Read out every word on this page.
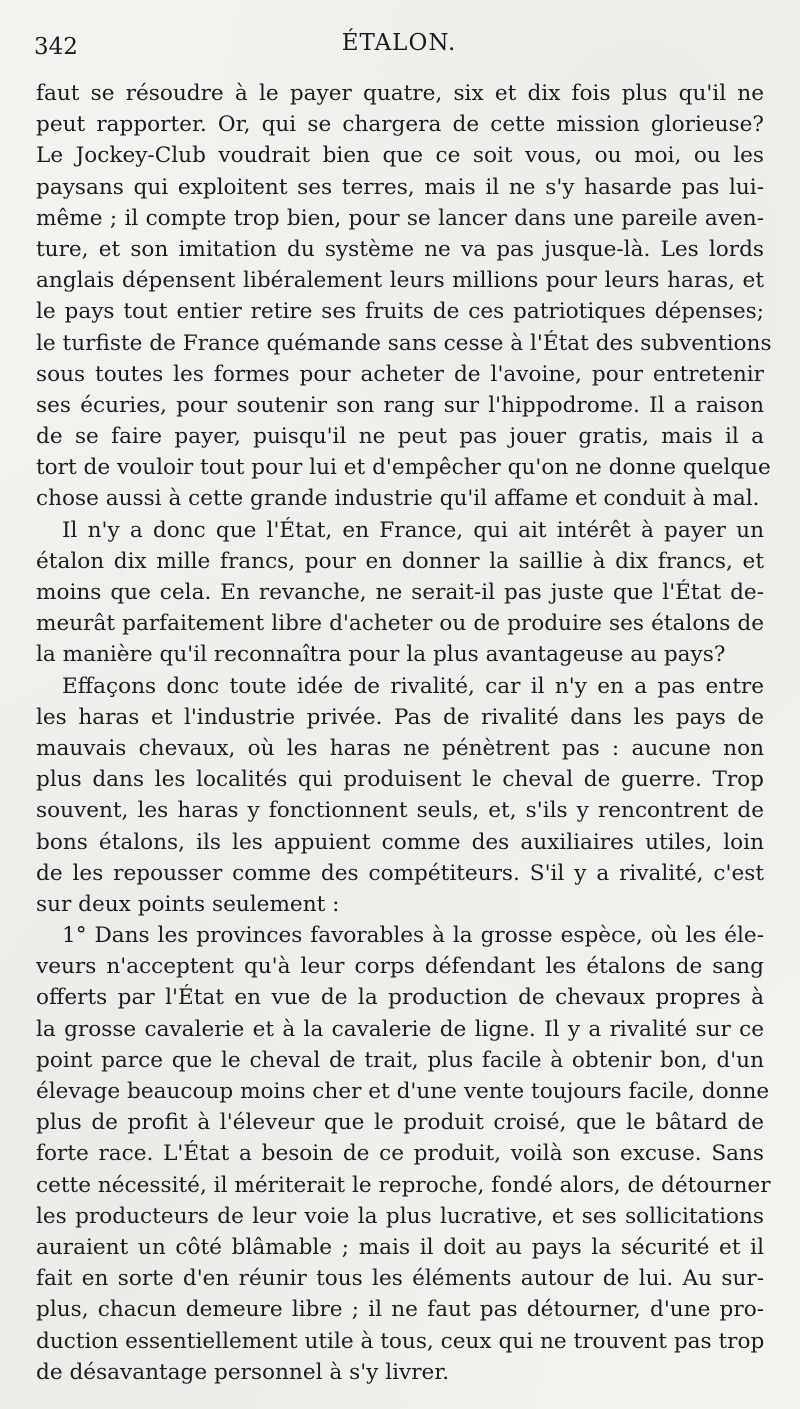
342	ÉTALON.
faut se résoudre à le payer quatre, six et dix fois plus qu'il ne
peut rapporter. Or, qui se chargera de cette mission glorieuse?
Le Jockey-Club voudrait bien que ce soit vous, ou moi, ou les
paysans qui exploitent ses terres, mais il ne s'y hasarde pas lui-
même ; il compte trop bien, pour se lancer dans une pareile aven-
ture, et son imitation du système ne va pas jusque-là. Les lords
anglais dépensent libéralement leurs millions pour leurs haras, et
le pays tout entier retire ses fruits de ces patriotiques dépenses;
le turfiste de France quémande sans cesse à l'État des subventions
sous toutes les formes pour acheter de l'avoine, pour entretenir
ses écuries, pour soutenir son rang sur l'hippodrome. Il a raison
de se faire payer, puisqu'il ne peut pas jouer gratis, mais il a
tort de vouloir tout pour lui et d'empêcher qu'on ne donne quelque
chose aussi à cette grande industrie qu'il affame et conduit à mal.
Il n'y a donc que l'État, en France, qui ait intérêt à payer un
étalon dix mille francs, pour en donner la saillie à dix francs, et
moins que cela. En revanche, ne serait-il pas juste que l'État de-
meurât parfaitement libre d'acheter ou de produire ses étalons de
la manière qu'il reconnaîtra pour la plus avantageuse au pays?
Effaçons donc toute idée de rivalité, car il n'y en a pas entre
les haras et l'industrie privée. Pas de rivalité dans les pays de
mauvais chevaux, où les haras ne pénètrent pas : aucune non
plus dans les localités qui produisent le cheval de guerre. Trop
souvent, les haras y fonctionnent seuls, et, s'ils y rencontrent de
bons étalons, ils les appuient comme des auxiliaires utiles, loin
de les repousser comme des compétiteurs. S'il y a rivalité, c'est
sur deux points seulement :
1° Dans les provinces favorables à la grosse espèce, où les éle-
veurs n'acceptent qu'à leur corps défendant les étalons de sang
offerts par l'État en vue de la production de chevaux propres à
la grosse cavalerie et à la cavalerie de ligne. Il y a rivalité sur ce
point parce que le cheval de trait, plus facile à obtenir bon, d'un
élevage beaucoup moins cher et d'une vente toujours facile, donne
plus de profit à l'éleveur que le produit croisé, que le bâtard de
forte race. L'État a besoin de ce produit, voilà son excuse. Sans
cette nécessité, il mériterait le reproche, fondé alors, de détourner
les producteurs de leur voie la plus lucrative, et ses sollicitations
auraient un côté blâmable ; mais il doit au pays la sécurité et il
fait en sorte d'en réunir tous les éléments autour de lui. Au sur-
plus, chacun demeure libre ; il ne faut pas détourner, d'une pro-
duction essentiellement utile à tous, ceux qui ne trouvent pas trop
de désavantage personnel à s'y livrer.
